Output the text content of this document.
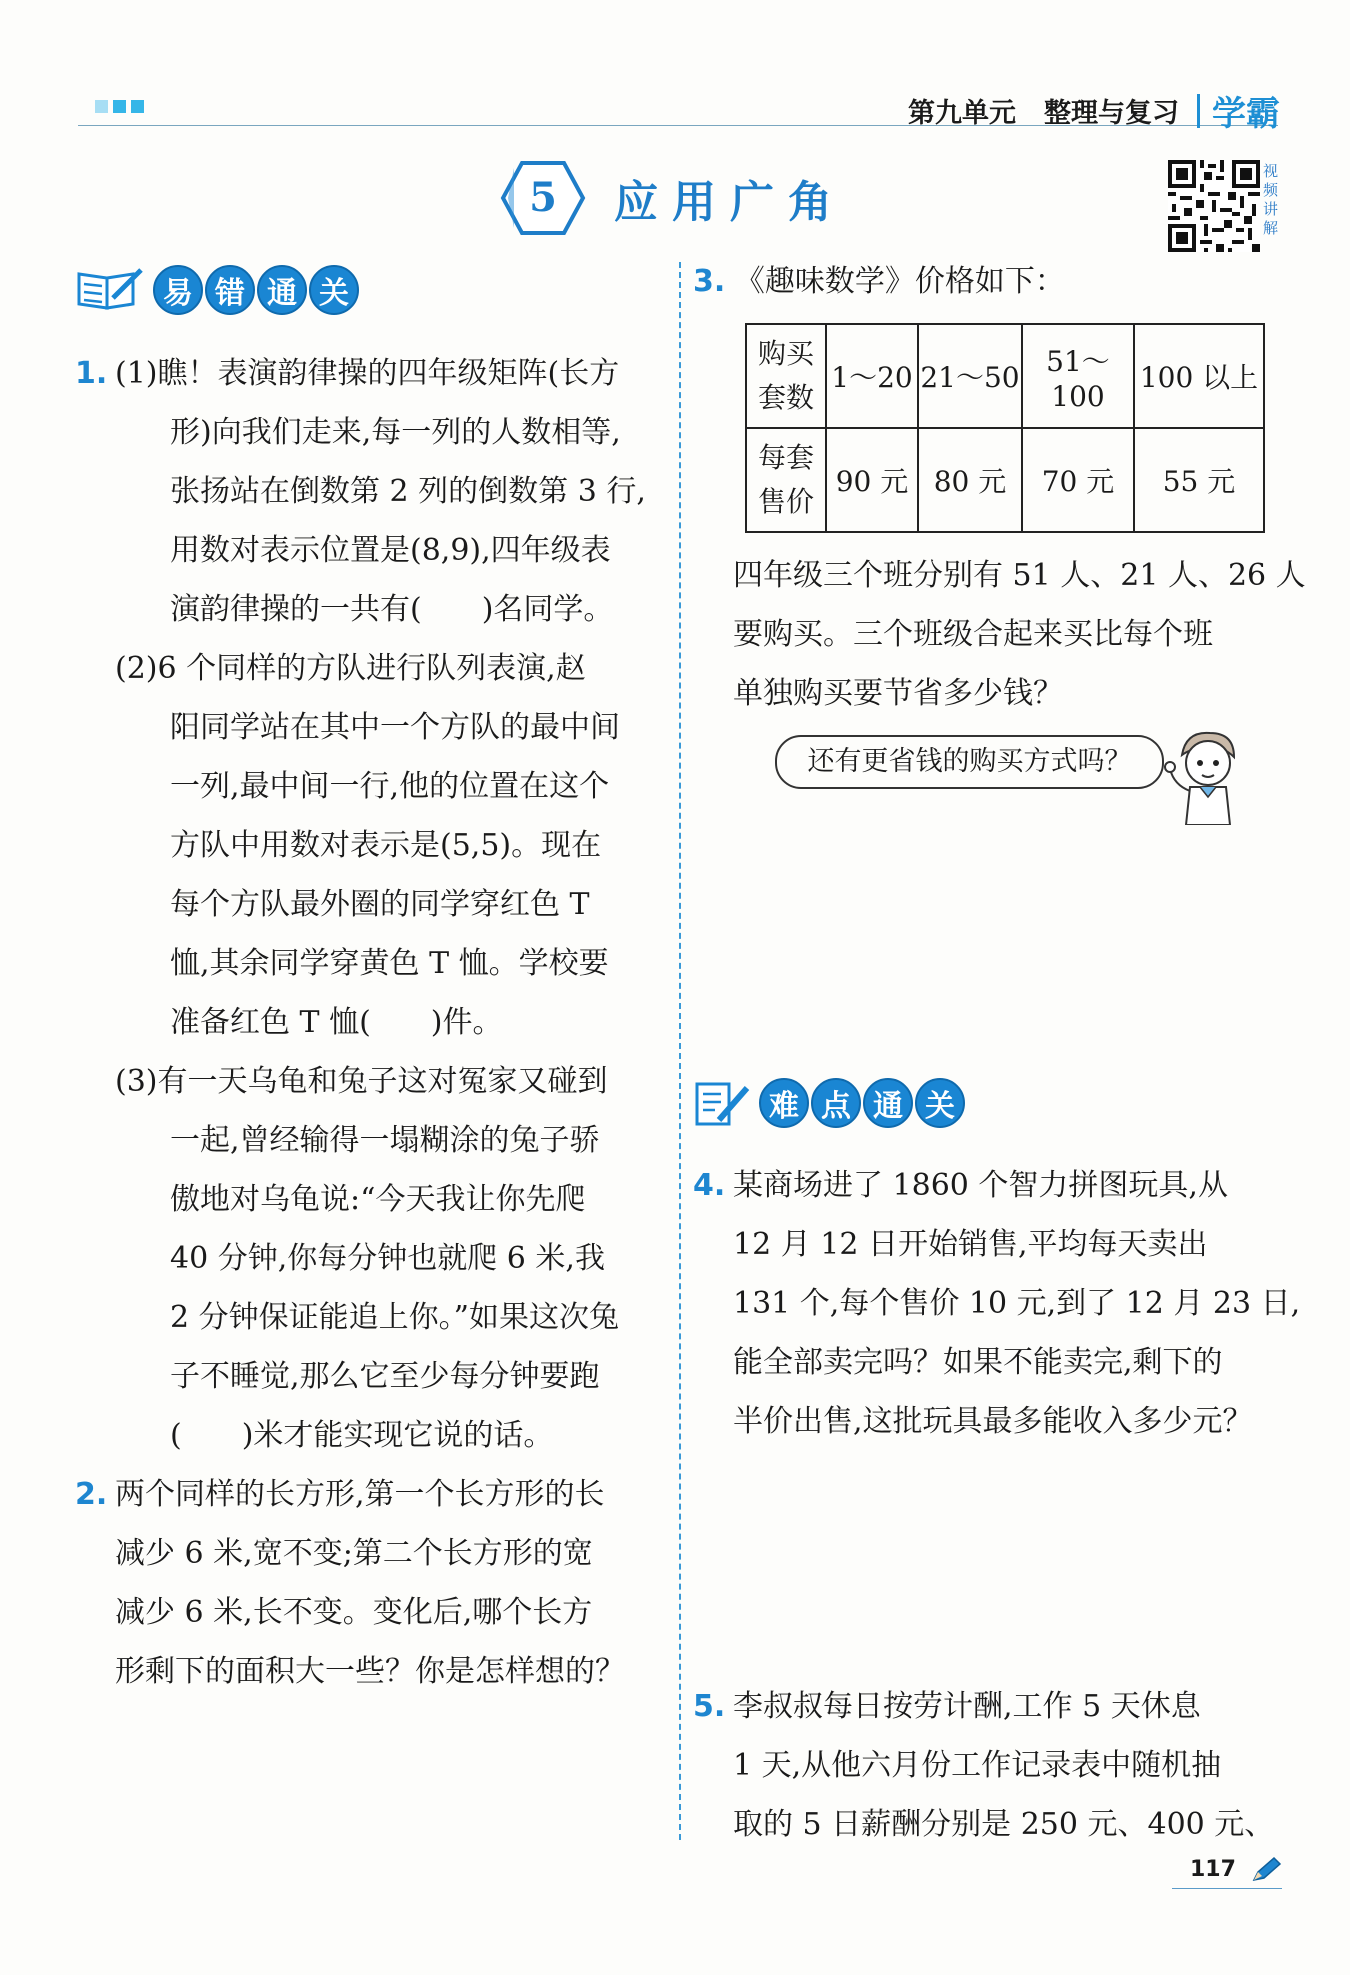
第九单元 整理与复习 学霸
5 应用广角
视
频
讲
解
易 错 通 关
1. (1)瞧！表演韵律操的四年级矩阵(长方
形)向我们走来,每一列的人数相等,
张扬站在倒数第 2 列的倒数第 3 行,
用数对表示位置是(8,9),四年级表
演韵律操的一共有(　　)名同学。
(2)6 个同样的方队进行队列表演,赵
阳同学站在其中一个方队的最中间
一列,最中间一行,他的位置在这个
方队中用数对表示是(5,5)。现在
每个方队最外圈的同学穿红色 T
恤,其余同学穿黄色 T 恤。学校要
准备红色 T 恤(　　)件。
(3)有一天乌龟和兔子这对冤家又碰到
一起,曾经输得一塌糊涂的兔子骄
傲地对乌龟说:“今天我让你先爬
40 分钟,你每分钟也就爬 6 米,我
2 分钟保证能追上你。”如果这次兔
子不睡觉,那么它至少每分钟要跑
(　　)米才能实现它说的话。
2. 两个同样的长方形,第一个长方形的长
减少 6 米,宽不变;第二个长方形的宽
减少 6 米,长不变。变化后,哪个长方
形剩下的面积大一些？你是怎样想的？
3. 《趣味数学》价格如下：
购买
套数	1～20	21～50	51～100	100 以上

每套
售价	90 元	80 元	70 元	55 元
四年级三个班分别有 51 人、21 人、26 人
要购买。三个班级合起来买比每个班
单独购买要节省多少钱？
还有更省钱的购买方式吗？
难 点 通 关
4. 某商场进了 1860 个智力拼图玩具,从
12 月 12 日开始销售,平均每天卖出
131 个,每个售价 10 元,到了 12 月 23 日,
能全部卖完吗？如果不能卖完,剩下的
半价出售,这批玩具最多能收入多少元？
5. 李叔叔每日按劳计酬,工作 5 天休息
1 天,从他六月份工作记录表中随机抽
取的 5 日薪酬分别是 250 元、400 元、
117
